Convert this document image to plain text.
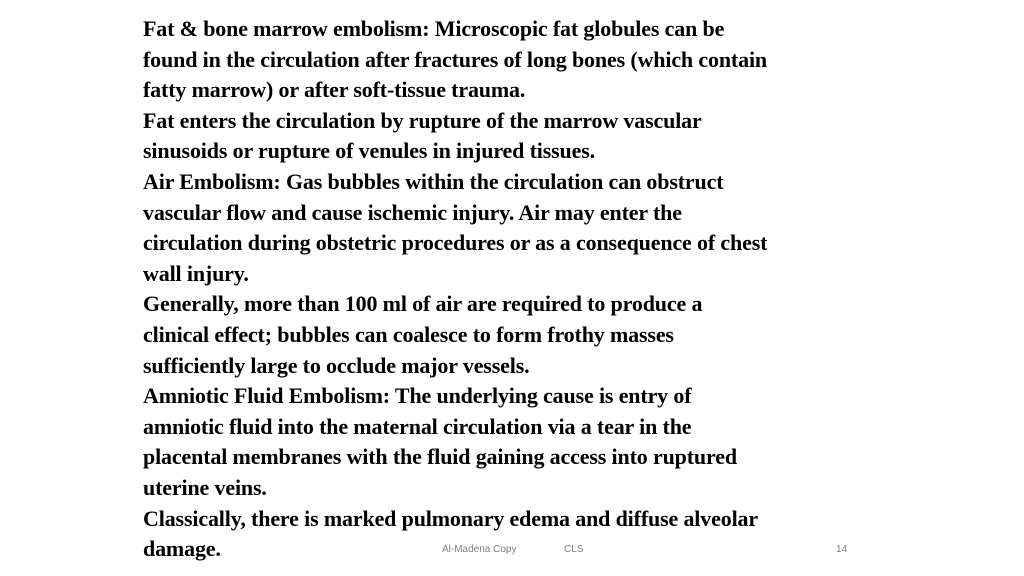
Fat & bone marrow embolism: Microscopic fat globules can be
found in the circulation after fractures of long bones (which contain
fatty marrow) or after soft-tissue trauma.
Fat enters the circulation by rupture of the marrow vascular
sinusoids or rupture of venules in injured tissues.
Air Embolism: Gas bubbles within the circulation can obstruct
vascular flow and cause ischemic injury. Air may enter the
circulation during obstetric procedures or as a consequence of chest
wall injury.
Generally, more than 100 ml of air are required to produce a
clinical effect; bubbles can coalesce to form frothy masses
sufficiently large to occlude major vessels.
Amniotic Fluid Embolism: The underlying cause is entry of
amniotic fluid into the maternal circulation via a tear in the
placental membranes with the fluid gaining access into ruptured
uterine veins.
Classically, there is marked pulmonary edema and diffuse alveolar
damage.	Al-Madena Copy	CLS	14
